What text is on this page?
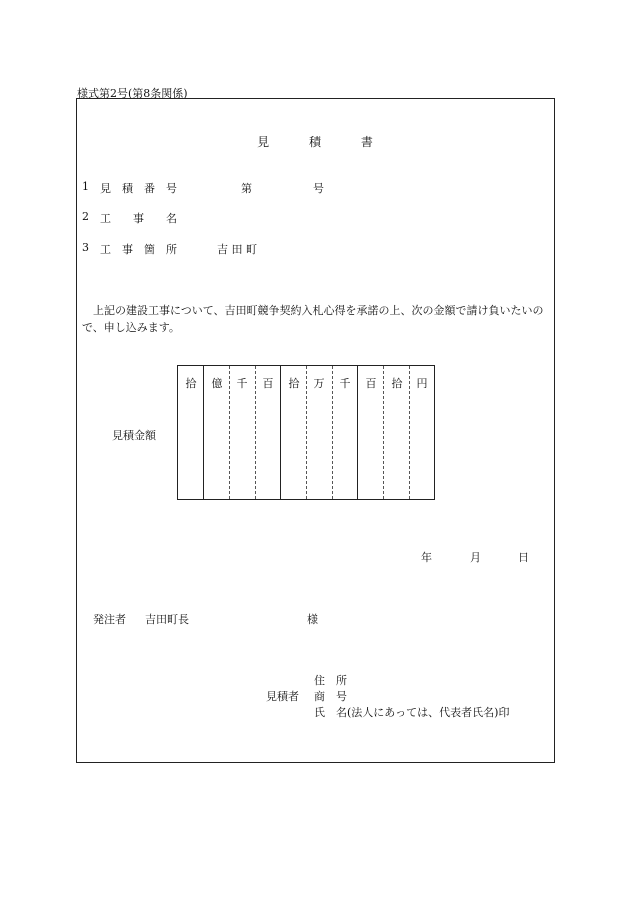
様式第2号(第8条関係)
見	積	書
1 見　積　番　号	第	号
2 工　　事　　名
3 工　事　箇　所	吉 田 町
上記の建設工事について、吉田町競争契約入札心得を承諾の上、次の金額で請け負いたいので、申し込みます。
見積金額
拾	億	千	百	拾	万	千	百	拾	円
年	月	日
発注者 吉田町長	様
住　所
見積者 商　号
氏　名(法人にあっては、代表者氏名)印
